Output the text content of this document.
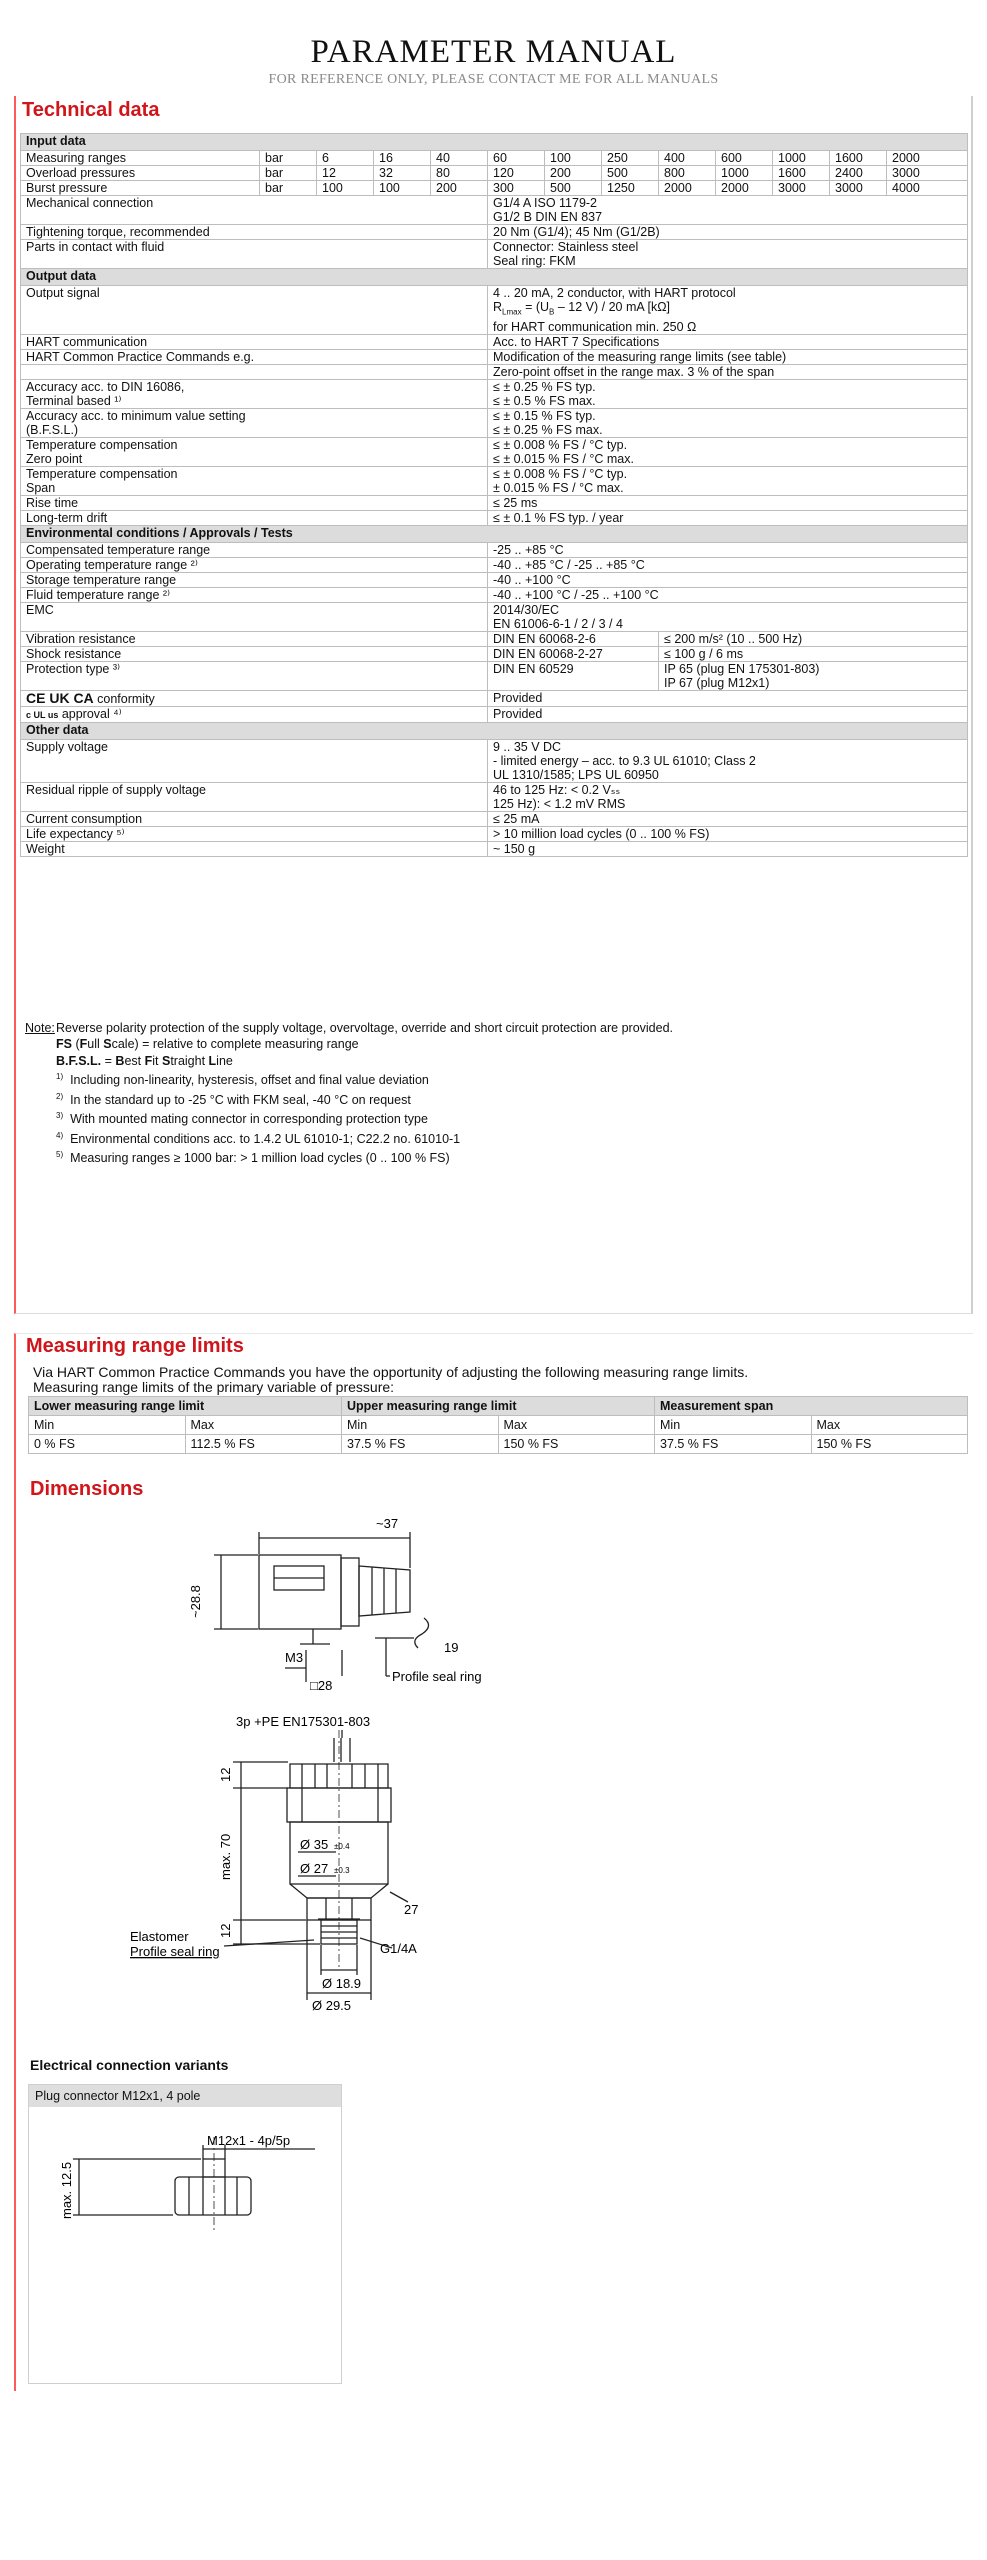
PARAMETER MANUAL
FOR REFERENCE ONLY, PLEASE CONTACT ME FOR ALL MANUALS
Technical data
Input data												
Measuring ranges	bar	6	16	40	60	100	250	400	600	1000	1600	2000
Overload pressures	bar	12	32	80	120	200	500	800	1000	1600	2400	3000
Burst pressure	bar	100	100	200	300	500	1250	2000	2000	3000	3000	4000
Mechanical connection					G1/4 A ISO 1179-2
G1/2 B DIN EN 837							
Tightening torque, recommended					20 Nm (G1/4); 45 Nm (G1/2B)							
Parts in contact with fluid					Connector: Stainless steel
Seal ring: FKM							
Output data												
Output signal					4 .. 20 mA, 2 conductor, with HART protocol
$R_{Lmax} = (U_B - 12$ V) / 20 mA [kΩ]
for HART communication min. 250 Ω							
HART communication					Acc. to HART 7 Specifications							
HART Common Practice Commands e.g.					Modification of the measuring range limits (see table)							
					Zero-point offset in the range max. 3 % of the span							
Accuracy acc. to DIN 16086,
Terminal based ¹⁾					≤ ± 0.25 % FS typ.
≤ ± 0.5 % FS max.							
Accuracy acc. to minimum value setting
(B.F.S.L.)					≤ ± 0.15 % FS typ.
≤ ± 0.25 % FS max.							
Temperature compensation
Zero point					≤ ± 0.008 % FS / °C typ.
≤ ± 0.015 % FS / °C max.							
Temperature compensation
Span					≤ ± 0.008 % FS / °C typ.
± 0.015 % FS / °C max.							
Rise time					≤ 25 ms							
Long-term drift					≤ ± 0.1 % FS typ. / year							
Environmental conditions / Approvals / Tests												
Compensated temperature range					-25 .. +85 °C							
Operating temperature range ²⁾					-40 .. +85 °C / -25 .. +85 °C							
Storage temperature range					-40 .. +100 °C							
Fluid temperature range ²⁾					-40 .. +100 °C / -25 .. +100 °C							
EMC					2014/30/EC
EN 61006-6-1 / 2 / 3 / 4							
Vibration resistance					DIN EN 60068-2-6			≤ 200 m/s² (10 .. 500 Hz)				
Shock resistance					DIN EN 60068-2-27			≤ 100 g / 6 ms				
Protection type ³⁾					DIN EN 60529			IP 65 (plug EN 175301-803)
IP 67 (plug M12x1)				
CE UK CA conformity					Provided							
c UL us approval ⁴⁾					Provided							
Other data												
Supply voltage					9 .. 35 V DC
- limited energy – acc. to 9.3 UL 61010; Class 2
UL 1310/1585; LPS UL 60950							
Residual ripple of supply voltage					46 to 125 Hz: < 0.2 Vₛₛ
125 Hz): < 1.2 mV RMS							
Current consumption					≤ 25 mA							
Life expectancy ⁵⁾					> 10 million load cycles (0 .. 100 % FS)							
Weight					~ 150 g							
Note: Reverse polarity protection of the supply voltage, overvoltage, override and short circuit protection are provided.
FS (Full Scale) = relative to complete measuring range
B.F.S.L. = Best Fit Straight Line
$^{1)}$  Including non-linearity, hysteresis, offset and final value deviation
$^{2)}$  In the standard up to -25 °C with FKM seal, -40 °C on request
$^{3)}$  With mounted mating connector in corresponding protection type
$^{4)}$  Environmental conditions acc. to 1.4.2 UL 61010-1; C22.2 no. 61010-1
$^{5)}$  Measuring ranges ≥ 1000 bar: > 1 million load cycles (0 .. 100 % FS)
Measuring range limits
Via HART Common Practice Commands you have the opportunity of adjusting the following measuring range limits.
Measuring range limits of the primary variable of pressure:
Lower measuring range limit		Upper measuring range limit		Measurement span	
Min	Max	Min	Max	Min	Max
0 % FS	112.5 % FS	37.5 % FS	150 % FS	37.5 % FS	150 % FS
Dimensions
~37
~28.8
19
M3
□28
Profile seal ring
3p +PE EN175301-803
12
max. 70
12
Ø 35 ±0.4
Ø 27 ±0.3
27
Elastomer
Profile seal ring	G1/4A
Ø 18.9
Ø 29.5
Electrical connection variants
Plug connector M12x1, 4 pole
M12x1 - 4p/5p
max. 12.5
